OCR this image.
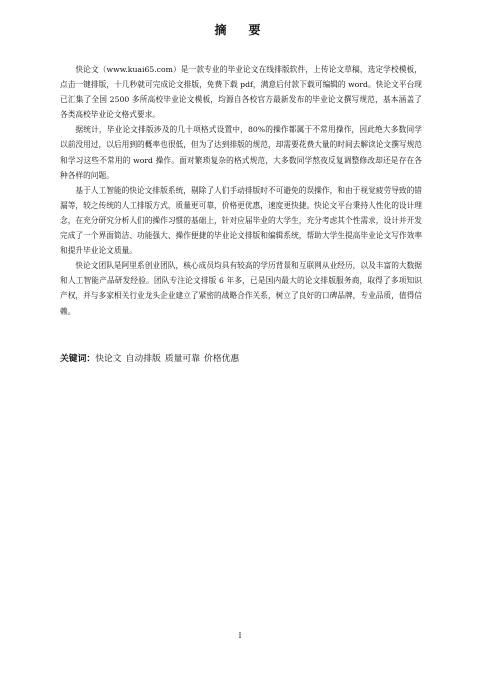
摘　要

快论文（www.kuai65.com）是一款专业的毕业论文在线排版软件，上传论文草稿，选定学校模板，点击一键排版，十几秒就可完成论文排版，免费下载 pdf，满意后付款下载可编辑的 word。快论文平台现已汇集了全国 2500 多所高校毕业论文模板，均源自各校官方最新发布的毕业论文撰写规范，基本涵盖了各类高校毕业论文格式要求。

据统计，毕业论文排版涉及的几十项格式设置中，80%的操作都属于不常用操作，因此绝大多数同学以前没用过，以后用到的概率也很低，但为了达到排版的规范，却需要花费大量的时间去解读论文撰写规范和学习这些不常用的 word 操作。面对繁琐复杂的格式规范，大多数同学熬夜反复调整修改却还是存在各种各样的问题。

基于人工智能的快论文排版系统，剔除了人们手动排版时不可避免的误操作，和由于视觉疲劳导致的错漏等，较之传统的人工排版方式，质量更可靠，价格更优惠，速度更快捷。快论文平台秉持人性化的设计理念，在充分研究分析人们的操作习惯的基础上，针对应届毕业的大学生，充分考虑其个性需求，设计并开发完成了一个界面简洁、功能强大、操作便捷的毕业论文排版和编辑系统，帮助大学生提高毕业论文写作效率和提升毕业论文质量。

快论文团队是阿里系创业团队，核心成员均具有较高的学历背景和互联网从业经历，以及丰富的大数据和人工智能产品研发经验。团队专注论文排版 6 年多，已是国内最大的论文排版服务商，取得了多项知识产权，并与多家相关行业龙头企业建立了紧密的战略合作关系，树立了良好的口碑品牌，专业品质，值得信赖。

关键词：快论文 自动排版 质量可靠 价格优惠
I
